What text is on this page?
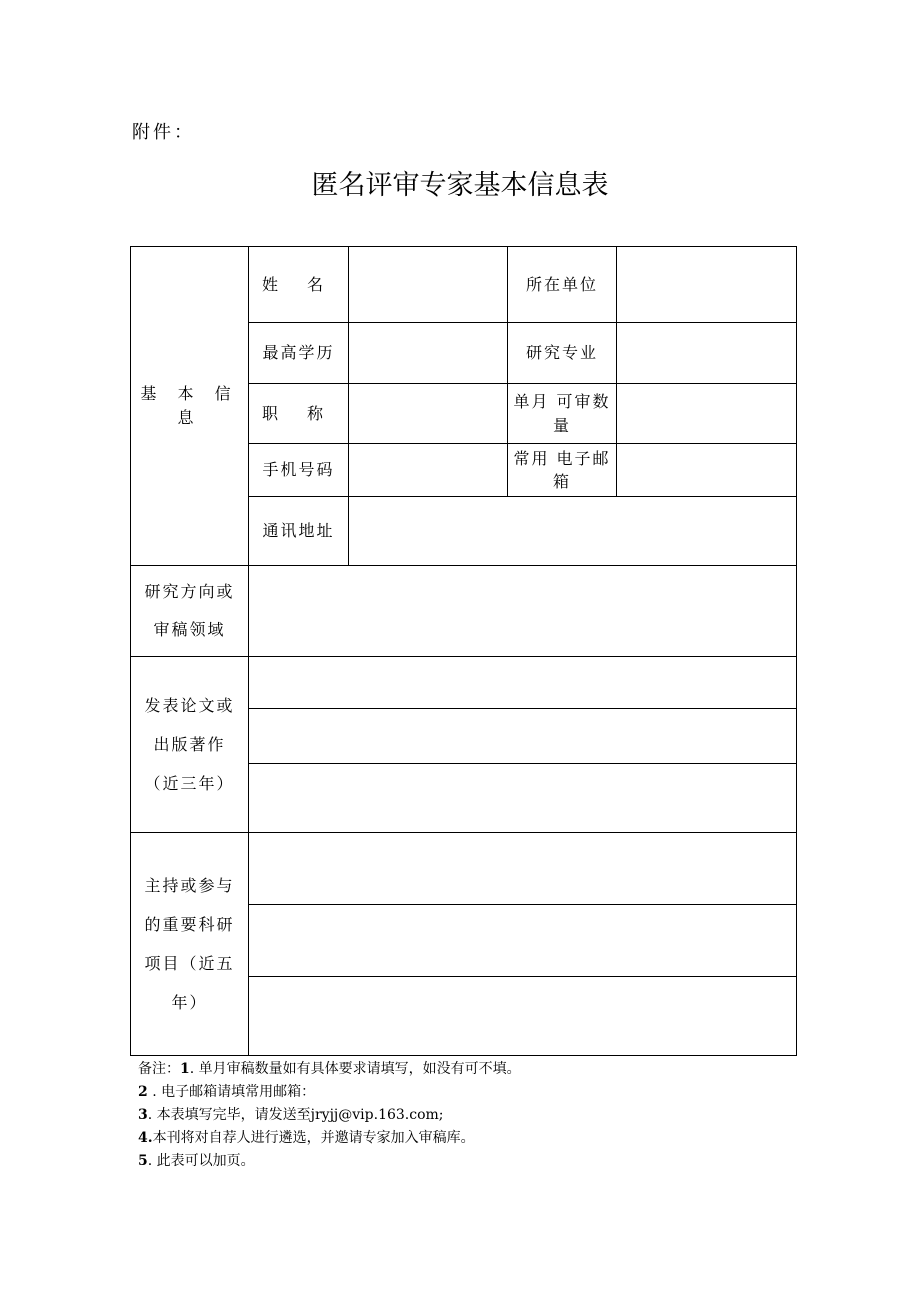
附件：
匿名评审专家基本信息表
基 本 信 息	姓 名		所在单位	
	最高学历		研究专业	
	职 称		单月 可审数量	
	手机号码		常用 电子邮箱	
	通讯地址			

研究方向或审稿领域				

发表论文或出版著作（近三年）				

主持或参与的重要科研项目（近五年）				

备注：1. 单月审稿数量如有具体要求请填写，如没有可不填。
2 . 电子邮箱请填常用邮箱：
3. 本表填写完毕，请发送至jryjj@vip.163.com;
4.本刊将对自荐人进行遴选，并邀请专家加入审稿库。
5. 此表可以加页。
